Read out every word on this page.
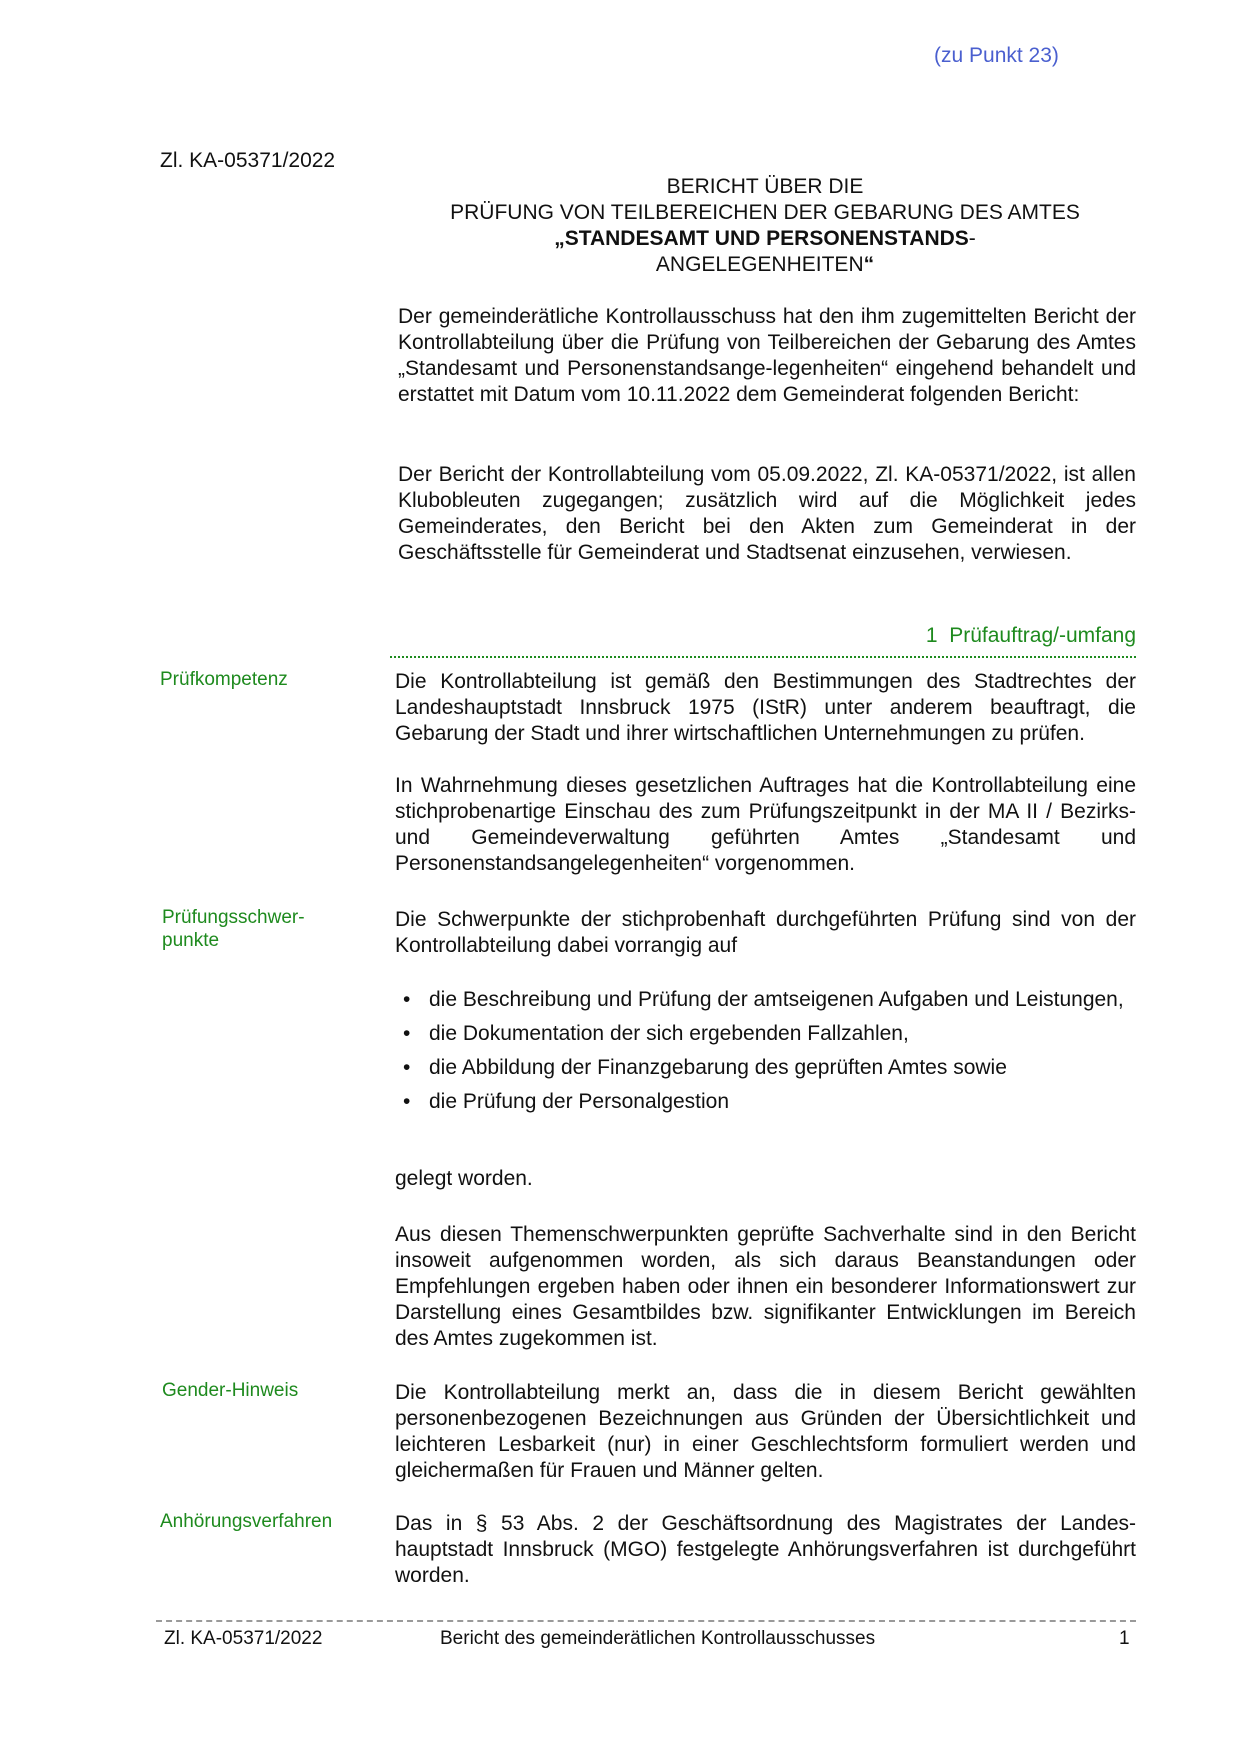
(zu Punkt 23)
Zl. KA-05371/2022
BERICHT ÜBER DIE
PRÜFUNG VON TEILBEREICHEN DER GEBARUNG DES AMTES
„STANDESAMT UND PERSONENSTANDS-
ANGELEGENHEITEN“

Der gemeinderätliche Kontrollausschuss hat den ihm zugemittelten Bericht der Kontrollabteilung über die Prüfung von Teilbereichen der Gebarung des Amtes „Standesamt und Personenstandsange-legenheiten“ eingehend behandelt und erstattet mit Datum vom 10.11.2022 dem Gemeinderat folgenden Bericht:

Der Bericht der Kontrollabteilung vom 05.09.2022, Zl. KA-05371/2022, ist allen Klubobleuten zugegangen; zusätzlich wird auf die Möglichkeit jedes Gemeinderates, den Bericht bei den Akten zum Gemeinderat in der Geschäftsstelle für Gemeinderat und Stadtsenat einzusehen, verwiesen.

1 Prüfauftrag/-umfang
Prüfkompetenz
Prüfungsschwer-
punkte
Gender-Hinweis
Anhörungsverfahren

Die Kontrollabteilung ist gemäß den Bestimmungen des Stadtrechtes der Landeshauptstadt Innsbruck 1975 (IStR) unter anderem beauftragt, die Gebarung der Stadt und ihrer wirtschaftlichen Unternehmungen zu prüfen.

In Wahrnehmung dieses gesetzlichen Auftrages hat die Kontrollabteilung eine stichprobenartige Einschau des zum Prüfungszeitpunkt in der MA II / Bezirks- und Gemeindeverwaltung geführten Amtes „Standesamt und Personenstandsangelegenheiten“ vorgenommen.

Die Schwerpunkte der stichprobenhaft durchgeführten Prüfung sind von der Kontrollabteilung dabei vorrangig auf

• die Beschreibung und Prüfung der amtseigenen Aufgaben und Leistungen,
• die Dokumentation der sich ergebenden Fallzahlen,
• die Abbildung der Finanzgebarung des geprüften Amtes sowie
• die Prüfung der Personalgestion

gelegt worden.

Aus diesen Themenschwerpunkten geprüfte Sachverhalte sind in den Bericht insoweit aufgenommen worden, als sich daraus Beanstandungen oder Empfehlungen ergeben haben oder ihnen ein besonderer Informationswert zur Darstellung eines Gesamtbildes bzw. signifikanter Entwicklungen im Bereich des Amtes zugekommen ist.

Die Kontrollabteilung merkt an, dass die in diesem Bericht gewählten personenbezogenen Bezeichnungen aus Gründen der Übersichtlichkeit und leichteren Lesbarkeit (nur) in einer Geschlechtsform formuliert werden und gleichermaßen für Frauen und Männer gelten.

Das in § 53 Abs. 2 der Geschäftsordnung des Magistrates der Landes-hauptstadt Innsbruck (MGO) festgelegte Anhörungsverfahren ist durchgeführt worden.

Zl. KA-05371/2022	Bericht des gemeinderätlichen Kontrollausschusses	1
